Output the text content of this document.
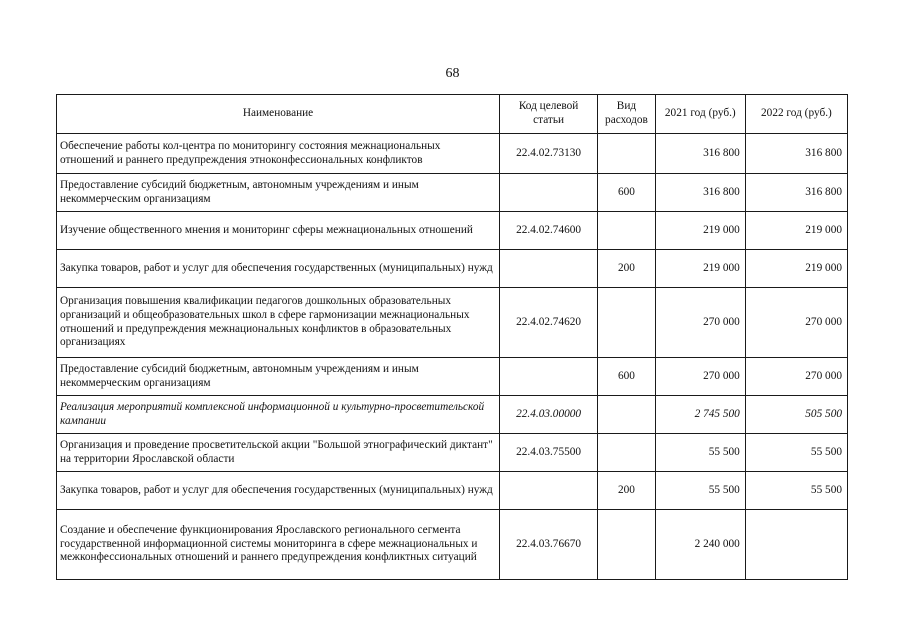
68
Наименование	Код целевой статьи	Вид расходов	2021 год (руб.)	2022 год (руб.)
Обеспечение работы кол-центра по мониторингу состояния межнациональных отношений и раннего предупреждения этноконфессиональных конфликтов	22.4.02.73130		316 800	316 800
Предоставление субсидий бюджетным, автономным учреждениям и иным некоммерческим организациям		600	316 800	316 800
Изучение общественного мнения и мониторинг сферы межнациональных отношений	22.4.02.74600		219 000	219 000
Закупка товаров, работ и услуг для обеспечения государственных (муниципальных) нужд		200	219 000	219 000
Организация повышения квалификации педагогов дошкольных образовательных организаций и общеобразовательных школ в сфере гармонизации межнациональных отношений и предупреждения межнациональных конфликтов в образовательных организациях	22.4.02.74620		270 000	270 000
Предоставление субсидий бюджетным, автономным учреждениям и иным некоммерческим организациям		600	270 000	270 000
Реализация мероприятий комплексной информационной и культурно-просветительской кампании	22.4.03.00000		2 745 500	505 500
Организация и проведение просветительской акции "Большой этнографический диктант" на территории Ярославской области	22.4.03.75500		55 500	55 500
Закупка товаров, работ и услуг для обеспечения государственных (муниципальных) нужд		200	55 500	55 500
Создание и обеспечение функционирования Ярославского регионального сегмента государственной информационной системы мониторинга в сфере межнациональных и межконфессиональных отношений и раннего предупреждения конфликтных ситуаций	22.4.03.76670		2 240 000	
